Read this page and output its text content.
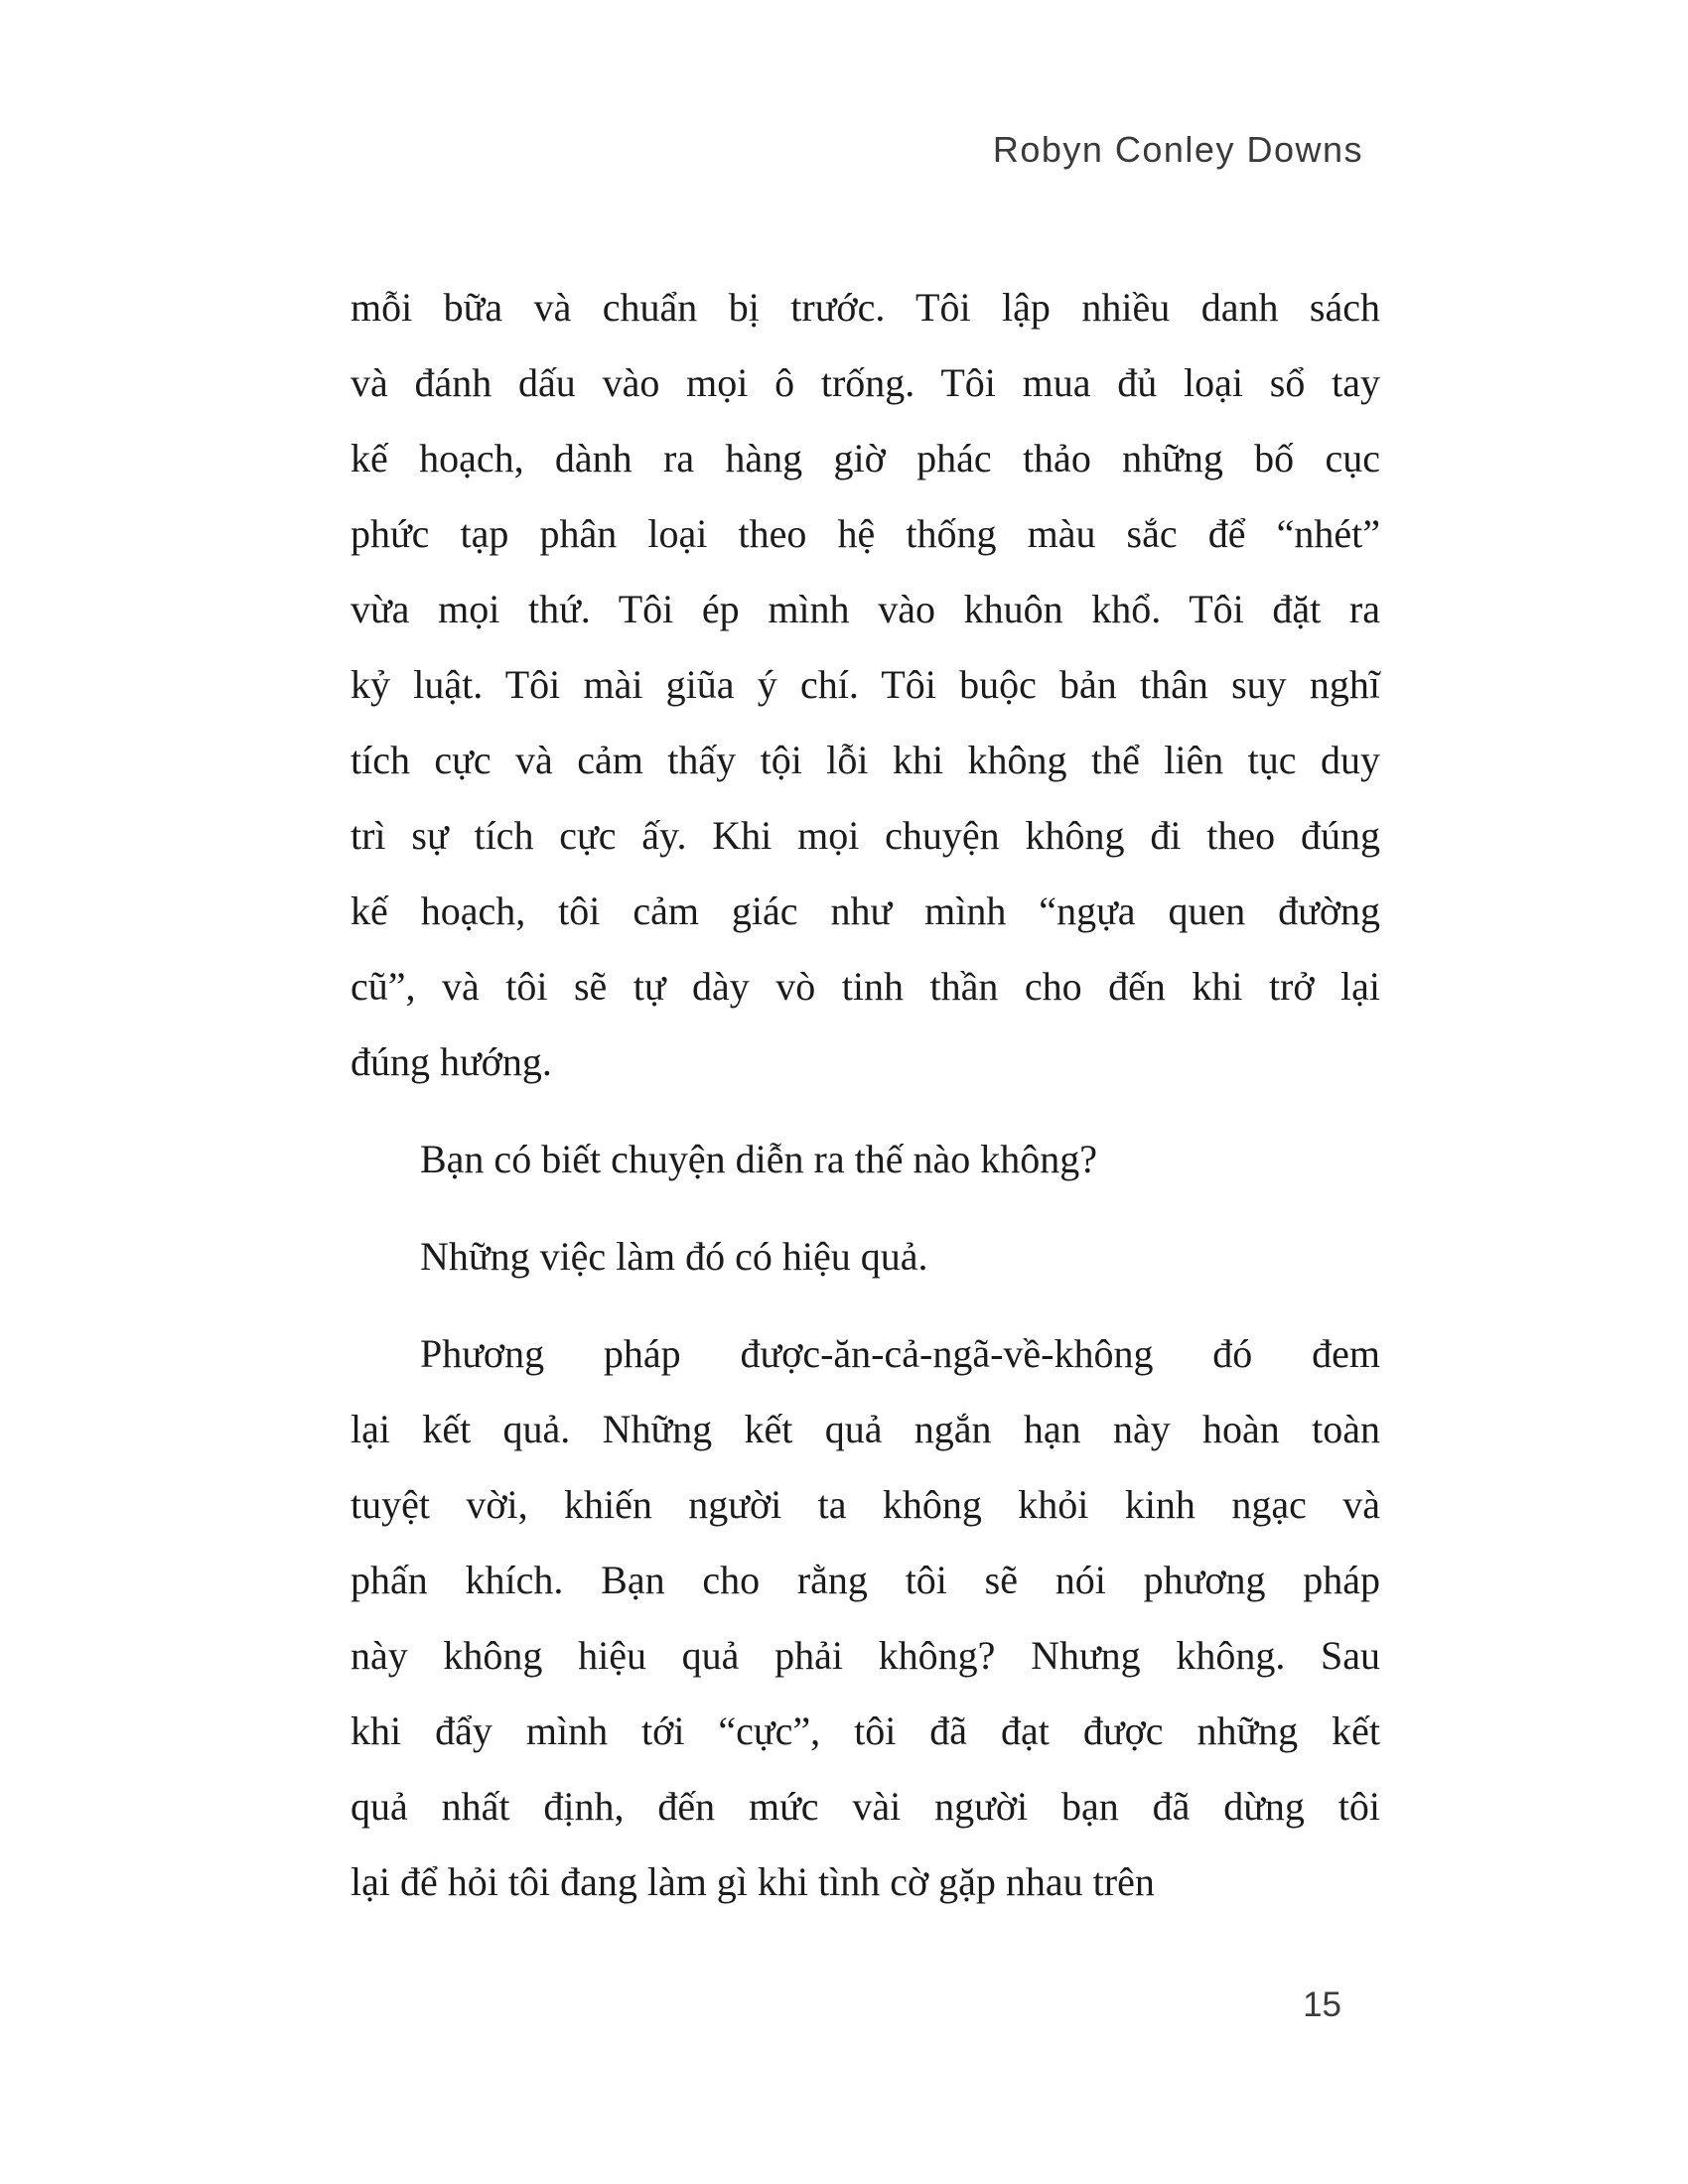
Robyn Conley Downs
mỗi bữa và chuẩn bị trước. Tôi lập nhiều danh sách
và đánh dấu vào mọi ô trống. Tôi mua đủ loại sổ tay
kế hoạch, dành ra hàng giờ phác thảo những bố cục
phức tạp phân loại theo hệ thống màu sắc để “nhét”
vừa mọi thứ. Tôi ép mình vào khuôn khổ. Tôi đặt ra
kỷ luật. Tôi mài giũa ý chí. Tôi buộc bản thân suy nghĩ
tích cực và cảm thấy tội lỗi khi không thể liên tục duy
trì sự tích cực ấy. Khi mọi chuyện không đi theo đúng
kế hoạch, tôi cảm giác như mình “ngựa quen đường
cũ”, và tôi sẽ tự dày vò tinh thần cho đến khi trở lại
đúng hướng.
Bạn có biết chuyện diễn ra thế nào không?
Những việc làm đó có hiệu quả.
Phương pháp được-ăn-cả-ngã-về-không đó đem
lại kết quả. Những kết quả ngắn hạn này hoàn toàn
tuyệt vời, khiến người ta không khỏi kinh ngạc và
phấn khích. Bạn cho rằng tôi sẽ nói phương pháp
này không hiệu quả phải không? Nhưng không. Sau
khi đẩy mình tới “cực”, tôi đã đạt được những kết
quả nhất định, đến mức vài người bạn đã dừng tôi
lại để hỏi tôi đang làm gì khi tình cờ gặp nhau trên
15
